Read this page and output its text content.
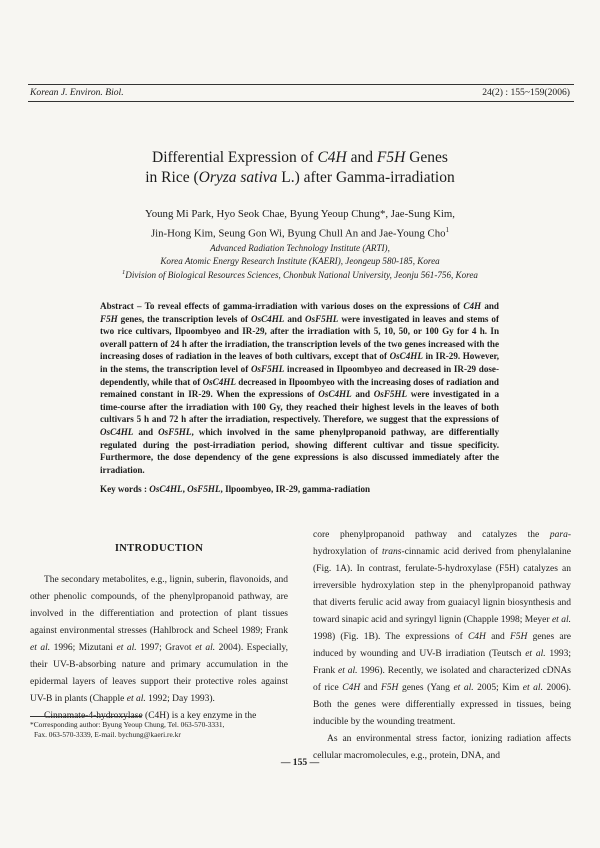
Korean J. Environ. Biol.	24(2) : 155~159(2006)
Differential Expression of C4H and F5H Genes
in Rice (Oryza sativa L.) after Gamma-irradiation
Young Mi Park, Hyo Seok Chae, Byung Yeoup Chung*, Jae-Sung Kim,
Jin-Hong Kim, Seung Gon Wi, Byung Chull An and Jae-Young Cho$^1$
Advanced Radiation Technology Institute (ARTI),
Korea Atomic Energy Research Institute (KAERI), Jeongeup 580-185, Korea
$^1$Division of Biological Resources Sciences, Chonbuk National University, Jeonju 561-756, Korea

Abstract – To reveal effects of gamma-irradiation with various doses on the expressions of C4H and F5H genes, the transcription levels of OsC4HL and OsF5HL were investigated in leaves and stems of two rice cultivars, Ilpoombyeo and IR-29, after the irradiation with 5, 10, 50, or 100 Gy for 4 h. In overall pattern of 24 h after the irradiation, the transcription levels of the two genes increased with the increasing doses of radiation in the leaves of both cultivars, except that of OsC4HL in IR-29. However, in the stems, the transcription level of OsF5HL increased in Ilpoombyeo and decreased in IR-29 dose-dependently, while that of OsC4HL decreased in Ilpoombyeo with the increasing doses of radiation and remained constant in IR-29. When the expressions of OsC4HL and OsF5HL were investigated in a time-course after the irradiation with 100 Gy, they reached their highest levels in the leaves of both cultivars 5 h and 72 h after the irradiation, respectively. Therefore, we suggest that the expressions of OsC4HL and OsF5HL, which involved in the same phenylpropanoid pathway, are differentially regulated during the post-irradiation period, showing different cultivar and tissue specificity. Furthermore, the dose dependency of the gene expressions is also discussed immediately after the irradiation.

Key words : OsC4HL, OsF5HL, Ilpoombyeo, IR-29, gamma-radiation
INTRODUCTION

The secondary metabolites, e.g., lignin, suberin, flavonoids, and other phenolic compounds, of the phenylpropanoid pathway, are involved in the differentiation and protection of plant tissues against environmental stresses (Hahlbrock and Scheel 1989; Frank et al. 1996; Mizutani et al. 1997; Gravot et al. 2004). Especially, their UV-B-absorbing nature and primary accumulation in the epidermal layers of leaves support their protective roles against UV-B in plants (Chapple et al. 1992; Day 1993).

Cinnamate-4-hydroxylase (C4H) is a key enzyme in the

core phenylpropanoid pathway and catalyzes the para-hydroxylation of trans-cinnamic acid derived from phenylalanine (Fig. 1A). In contrast, ferulate-5-hydroxylase (F5H) catalyzes an irreversible hydroxylation step in the phenylpropanoid pathway that diverts ferulic acid away from guaiacyl lignin biosynthesis and toward sinapic acid and syringyl lignin (Chapple 1998; Meyer et al. 1998) (Fig. 1B). The expressions of C4H and F5H genes are induced by wounding and UV-B irradiation (Teutsch et al. 1993; Frank et al. 1996). Recently, we isolated and characterized cDNAs of rice C4H and F5H genes (Yang et al. 2005; Kim et al. 2006). Both the genes were differentially expressed in tissues, being inducible by the wounding treatment.

As an environmental stress factor, ionizing radiation affects cellular macromolecules, e.g., protein, DNA, and

*Corresponding author: Byung Yeoup Chung, Tel. 063-570-3331,
Fax. 063-570-3339, E-mail. bychung@kaeri.re.kr
— 155 —
